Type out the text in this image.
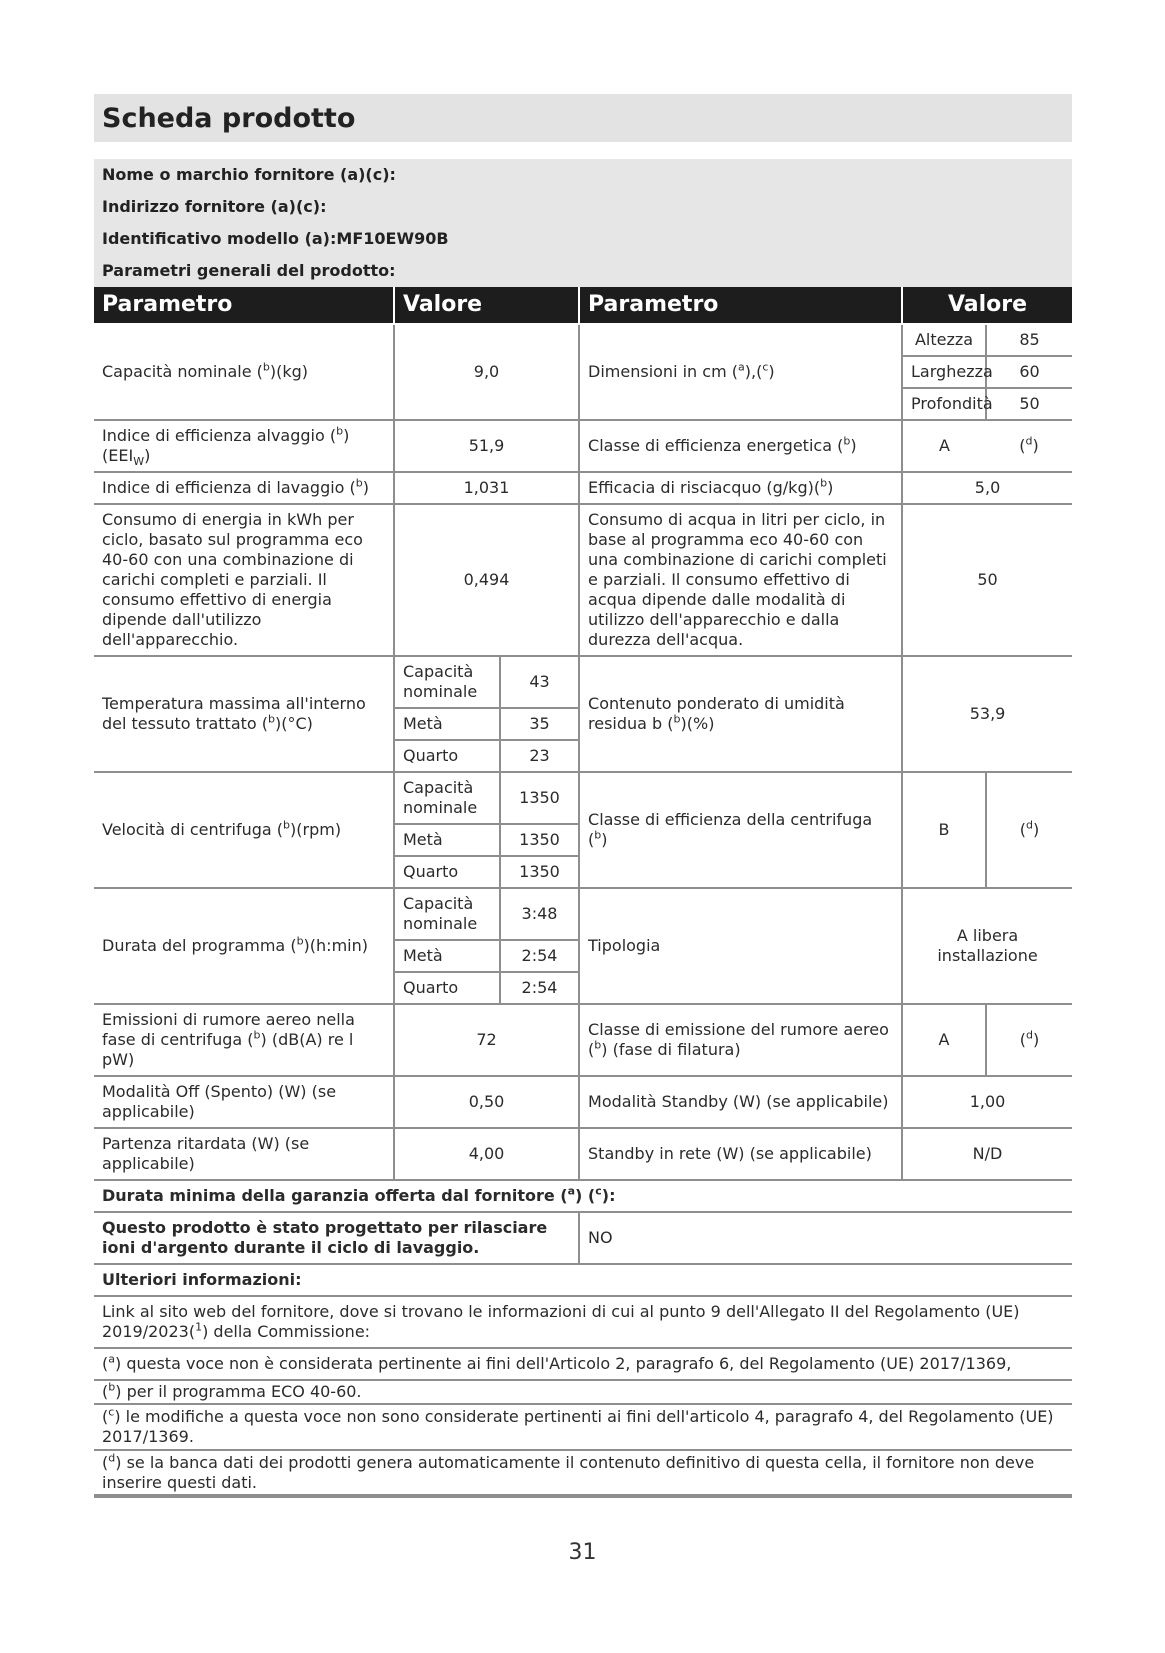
Scheda prodotto
Nome o marchio fornitore (a)(c):
Indirizzo fornitore (a)(c):
Identificativo modello (a):MF10EW90B
Parametri generali del prodotto:
Parametro	Valore		Parametro	Valore	
Capacità nominale ($^b$)(kg)	9,0		Dimensioni in cm ($^a$),($^c$)	Altezza	85
				Larghezza	60
				Profondità	50
Indice di efficienza alvaggio ($^b$) $(EEI_W)$	51,9		Classe di efficienza energetica ($^b$)	A	($^d$)
Indice di efficienza di lavaggio ($^b$)	1,031		Efficacia di risciacquo (g/kg)($^b$)	5,0	
Consumo di energia in kWh per ciclo, basato sul programma eco 40-60 con una combinazione di carichi completi e parziali. Il consumo effettivo di energia dipende dall'utilizzo dell'apparecchio.	0,494		Consumo di acqua in litri per ciclo, in base al programma eco 40-60 con una combinazione di carichi completi e parziali. Il consumo effettivo di acqua dipende dalle modalità di utilizzo dell'apparecchio e dalla durezza dell'acqua.	50	
Temperatura massima all'interno del tessuto trattato ($^b$)(°C)	Capacità nominale	43	Contenuto ponderato di umidità residua b ($^b$)(%)	53,9	
	Metà	35			
	Quarto	23			
Velocità di centrifuga ($^b$)(rpm)	Capacità nominale	1350	Classe di efficienza della centrifuga ($^b$)	B	($^d$)
	Metà	1350			
	Quarto	1350			
Durata del programma ($^b$)(h:min)	Capacità nominale	3:48	Tipologia	A libera installazione	
	Metà	2:54			
	Quarto	2:54			
Emissioni di rumore aereo nella fase di centrifuga ($^b$) (dB(A) re l pW)	72		Classe di emissione del rumore aereo ($^b$) (fase di filatura)	A	($^d$)
Modalità Off (Spento) (W) (se applicabile)	0,50		Modalità Standby (W) (se applicabile)	1,00	
Partenza ritardata (W) (se applicabile)	4,00		Standby in rete (W) (se applicabile)	N/D	
Durata minima della garanzia offerta dal fornitore ($^a$) ($^c$):					
Questo prodotto è stato progettato per rilasciare ioni d'argento durante il ciclo di lavaggio.			NO		
Ulteriori informazioni:					
Link al sito web del fornitore, dove si trovano le informazioni di cui al punto 9 dell'Allegato II del Regolamento (UE) 2019/2023($^1$) della Commissione:					
($^a$) questa voce non è considerata pertinente ai fini dell'Articolo 2, paragrafo 6, del Regolamento (UE) 2017/1369,					
($^b$) per il programma ECO 40-60.					
($^c$) le modifiche a questa voce non sono considerate pertinenti ai fini dell'articolo 4, paragrafo 4, del Regolamento (UE) 2017/1369.					
($^d$) se la banca dati dei prodotti genera automaticamente il contenuto definitivo di questa cella, il fornitore non deve inserire questi dati.					
31
